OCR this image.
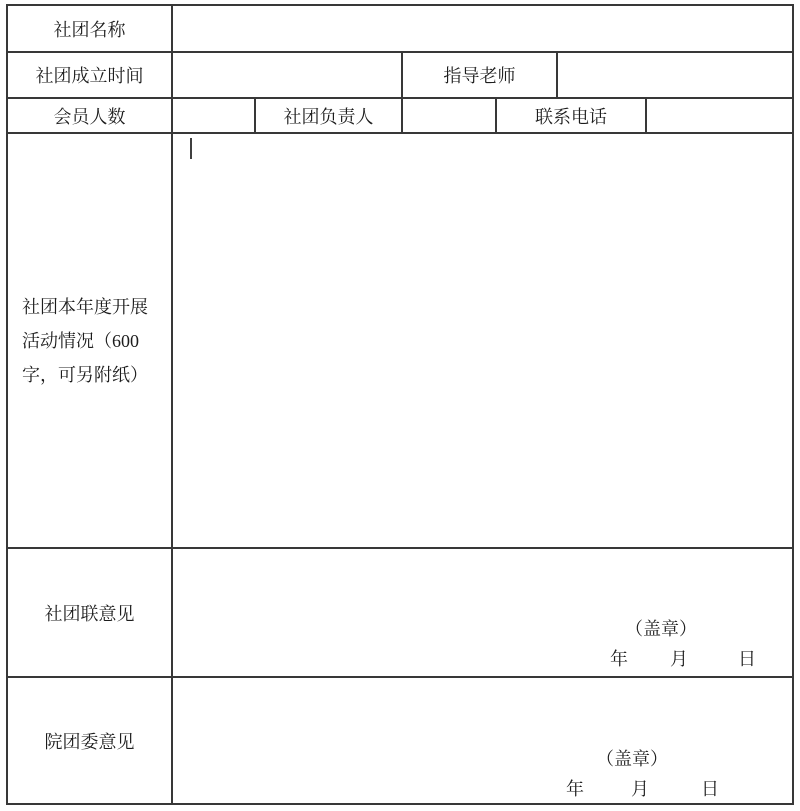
社团名称
社团成立时间	指导老师
会员人数	社团负责人	联系电话
社团本年度开展活动情况（600字，可另附纸）
社团联意见
（盖章）
年 月	日
院团委意见
（盖章）
年	月	日
